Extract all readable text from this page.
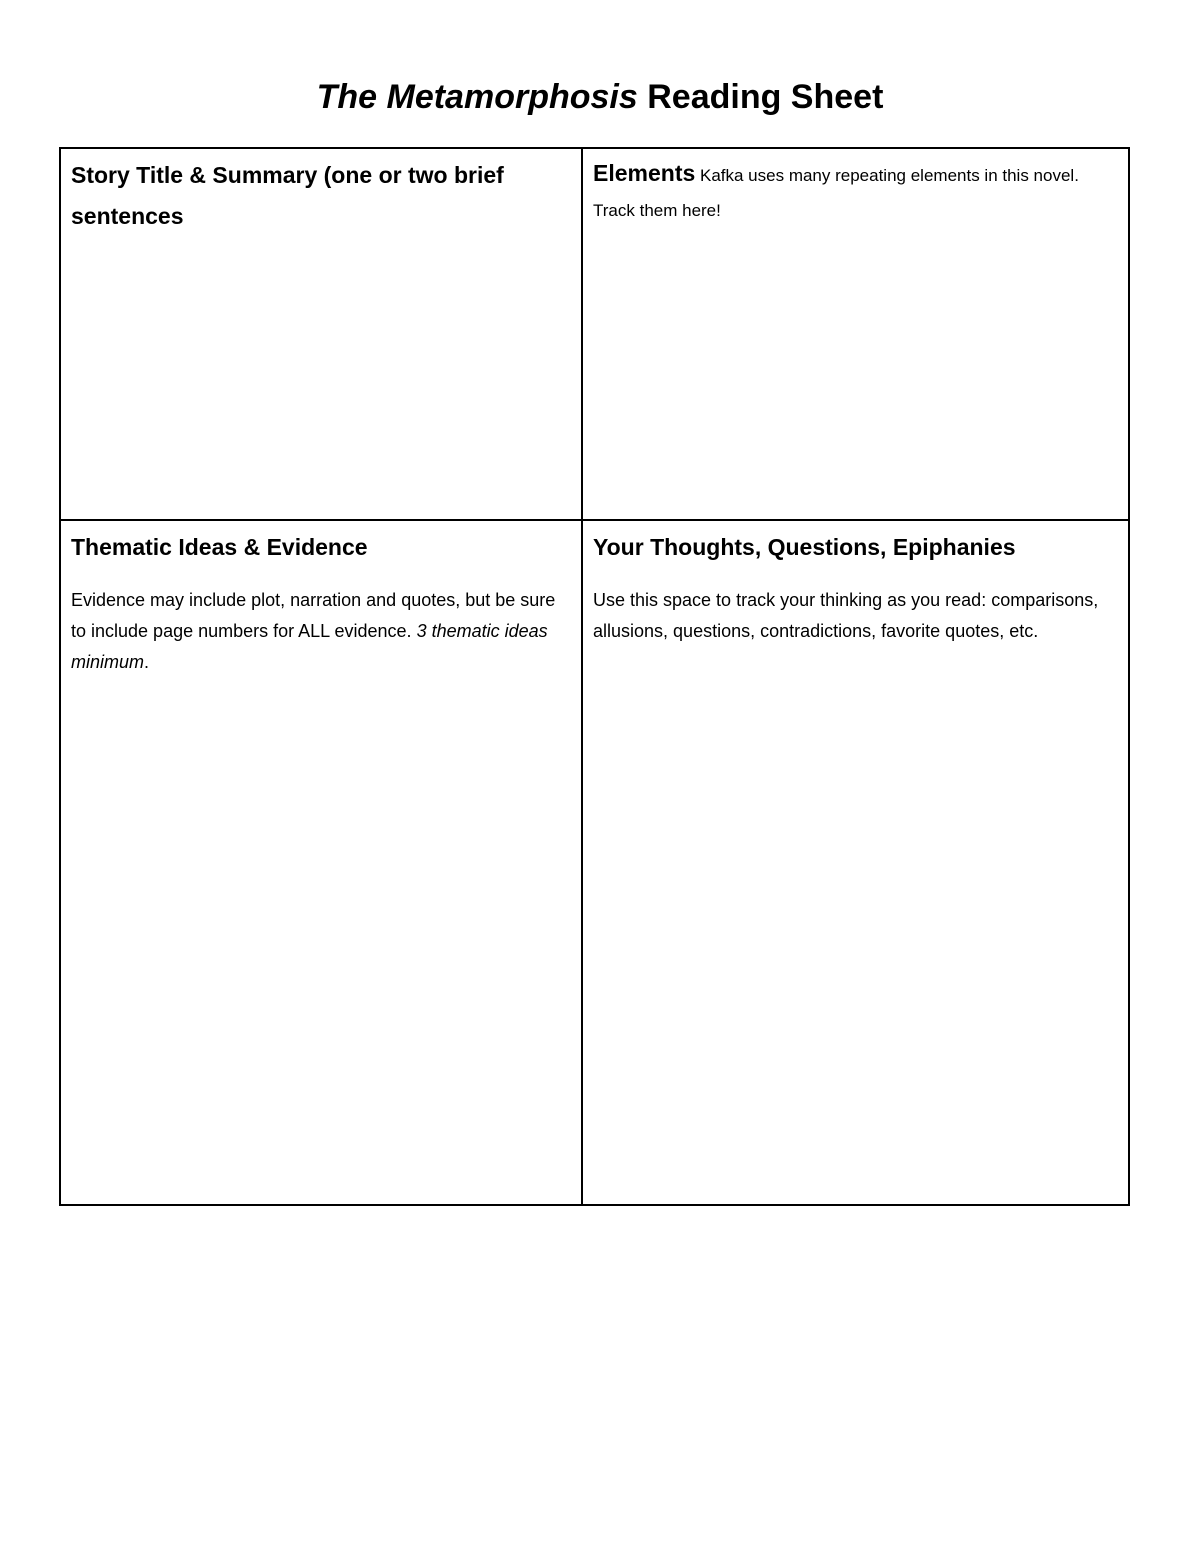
The Metamorphosis Reading Sheet

Story Title & Summary (one or two brief sentences

Elements Kafka uses many repeating elements in this novel. Track them here!

Thematic Ideas & Evidence

Evidence may include plot, narration and quotes, but be sure to include page numbers for ALL evidence. 3 thematic ideas minimum.

Your Thoughts, Questions, Epiphanies

Use this space to track your thinking as you read: comparisons, allusions, questions, contradictions, favorite quotes, etc.
